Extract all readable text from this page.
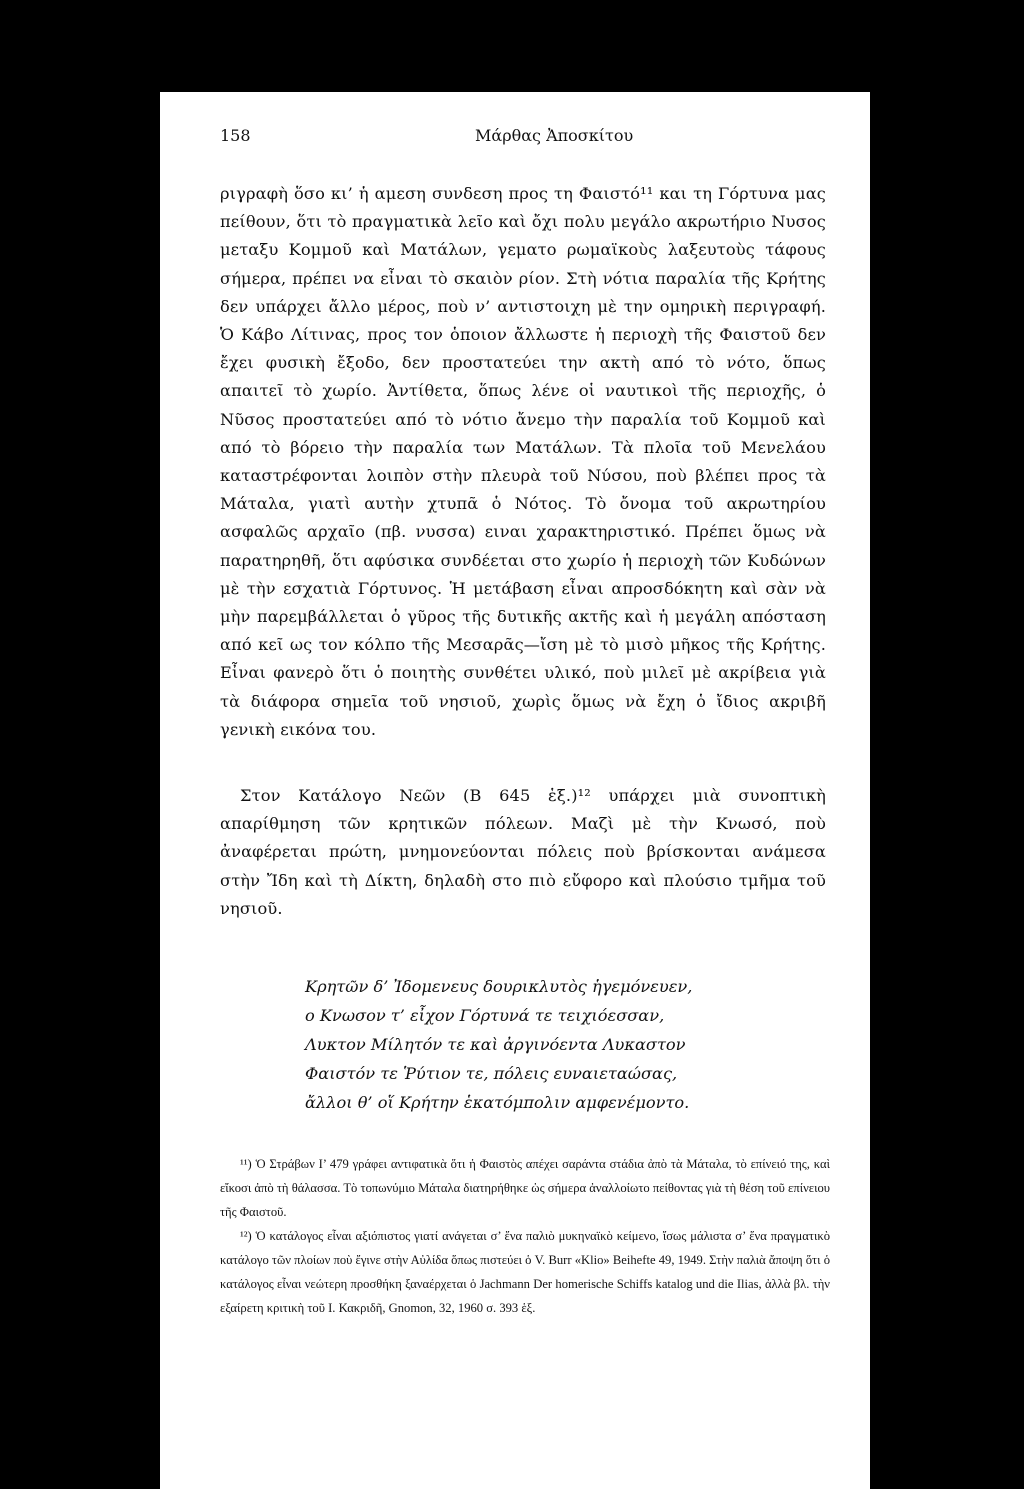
158	Μάρθας Ἀποσκίτου

ριγραφὴ ὅσο κι’ ἡ αμεση συνδεση προς τη Φαιστό¹¹ και τη Γόρτυνα μας πείθουν, ὅτι τὸ πραγματικὰ λεῖο καὶ ὄχι πολυ μεγάλο ακρωτήριο Νυσος μεταξυ Κομμοῦ καὶ Ματάλων, γεματο ρωμαϊκοὺς λαξευτοὺς τάφους σήμερα, πρέπει να εἶναι τὸ σκαιὸν ρίον. Στὴ νότια παραλία τῆς Κρήτης δεν υπάρχει ἄλλο μέρος, ποὺ ν’ αντιστοιχη μὲ την ομηρικὴ περιγραφή. Ὁ Κάβο Λίτινας, προς τον ὁποιον ἄλλωστε ἡ περιοχὴ τῆς Φαιστοῦ δεν ἔχει φυσικὴ ἔξοδο, δεν προστατεύει την ακτὴ από τὸ νότο, ὅπως απαιτεῖ τὸ χωρίο. Ἀντίθετα, ὅπως λένε οἱ ναυτικοὶ τῆς περιοχῆς, ὁ Νῦσος προστατεύει από τὸ νότιο ἄνεμο τὴν παραλία τοῦ Κομμοῦ καὶ από τὸ βόρειο τὴν παραλία των Ματάλων. Τὰ πλοῖα τοῦ Μενελάου καταστρέφονται λοιπὸν στὴν πλευρὰ τοῦ Νύσου, ποὺ βλέπει προς τὰ Μάταλα, γιατὶ αυτὴν χτυπᾶ ὁ Νότος. Τὸ ὄνομα τοῦ ακρωτηρίου ασφαλῶς αρχαῖο (πβ. νυσσα) ειναι χαρακτηριστικό. Πρέπει ὅμως νὰ παρατηρηθῆ, ὅτι αφύσικα συνδέεται στο χωρίο ἡ περιοχὴ τῶν Κυδώνων μὲ τὴν εσχατιὰ Γόρτυνος. Ἡ μετάβαση εἶναι απροσδόκητη καὶ σὰν νὰ μὴν παρεμβάλλεται ὁ γῦρος τῆς δυτικῆς ακτῆς καὶ ἡ μεγάλη απόσταση από κεῖ ως τον κόλπο τῆς Μεσαρᾶς—ἴση μὲ τὸ μισὸ μῆκος τῆς Κρήτης. Εἶναι φανερὸ ὅτι ὁ ποιητὴς συνθέτει υλικό, ποὺ μιλεῖ μὲ ακρίβεια γιὰ τὰ διάφορα σημεῖα τοῦ νησιοῦ, χωρὶς ὅμως νὰ ἔχη ὁ ἴδιος ακριβῆ γενικὴ εικόνα του.

Στον Κατάλογο Νεῶν (Β 645 ἑξ.)¹² υπάρχει μιὰ συνοπτικὴ απαρίθμηση τῶν κρητικῶν πόλεων. Μαζὶ μὲ τὴν Κνωσό, ποὺ ἀναφέρεται πρώτη, μνημονεύονται πόλεις ποὺ βρίσκονται ανάμεσα στὴν Ἴδη καὶ τὴ Δίκτη, δηλαδὴ στο πιὸ εὔφορο καὶ πλούσιο τμῆμα τοῦ νησιοῦ.

Κρητῶν δ’ Ἰδομενευς δουρικλυτὸς ἡγεμόνευεν,
ο Κνωσον τ’ εἶχον Γόρτυνά τε τειχιόεσσαν,
Λυκτον Μίλητόν τε καὶ ἀργινόεντα Λυκαστον
Φαιστόν τε Ῥύτιον τε, πόλεις ευναιεταώσας,
ἄλλοι θ’ οἵ Κρήτην ἑκατόμπολιν αμφενέμοντο.

¹¹) Ὁ Στράβων Ι’ 479 γράφει αντιφατικὰ ὅτι ἡ Φαιστὸς απέχει σαράντα στάδια ἀπὸ τὰ Μάταλα, τὸ επίνειό της, καὶ εἴκοσι ἀπὸ τὴ θάλασσα. Τὸ τοπωνύμιο Μάταλα διατηρήθηκε ὡς σήμερα ἀναλλοίωτο πείθοντας γιὰ τὴ θέση τοῦ επίνειου τῆς Φαιστοῦ.

¹²) Ὁ κατάλογος εἶναι αξιόπιστος γιατί ανάγεται σ’ ἕνα παλιὸ μυκηναϊκὸ κείμενο, ἴσως μάλιστα σ’ ἕνα πραγματικὸ κατάλογο τῶν πλοίων ποὺ ἔγινε στὴν Αὐλίδα ὅπως πιστεύει ὁ V. Burr «Klio» Beihefte 49, 1949. Στὴν παλιὰ ἄποψη ὅτι ὁ κατάλογος εἶναι νεώτερη προσθήκη ξαναέρχεται ὁ Jachmann Der homerische Schiffs katalog und die Ilias, ἀλλὰ βλ. τὴν εξαίρετη κριτικὴ τοῦ Ι. Κακριδῆ, Gnomon, 32, 1960 σ. 393 ἑξ.
